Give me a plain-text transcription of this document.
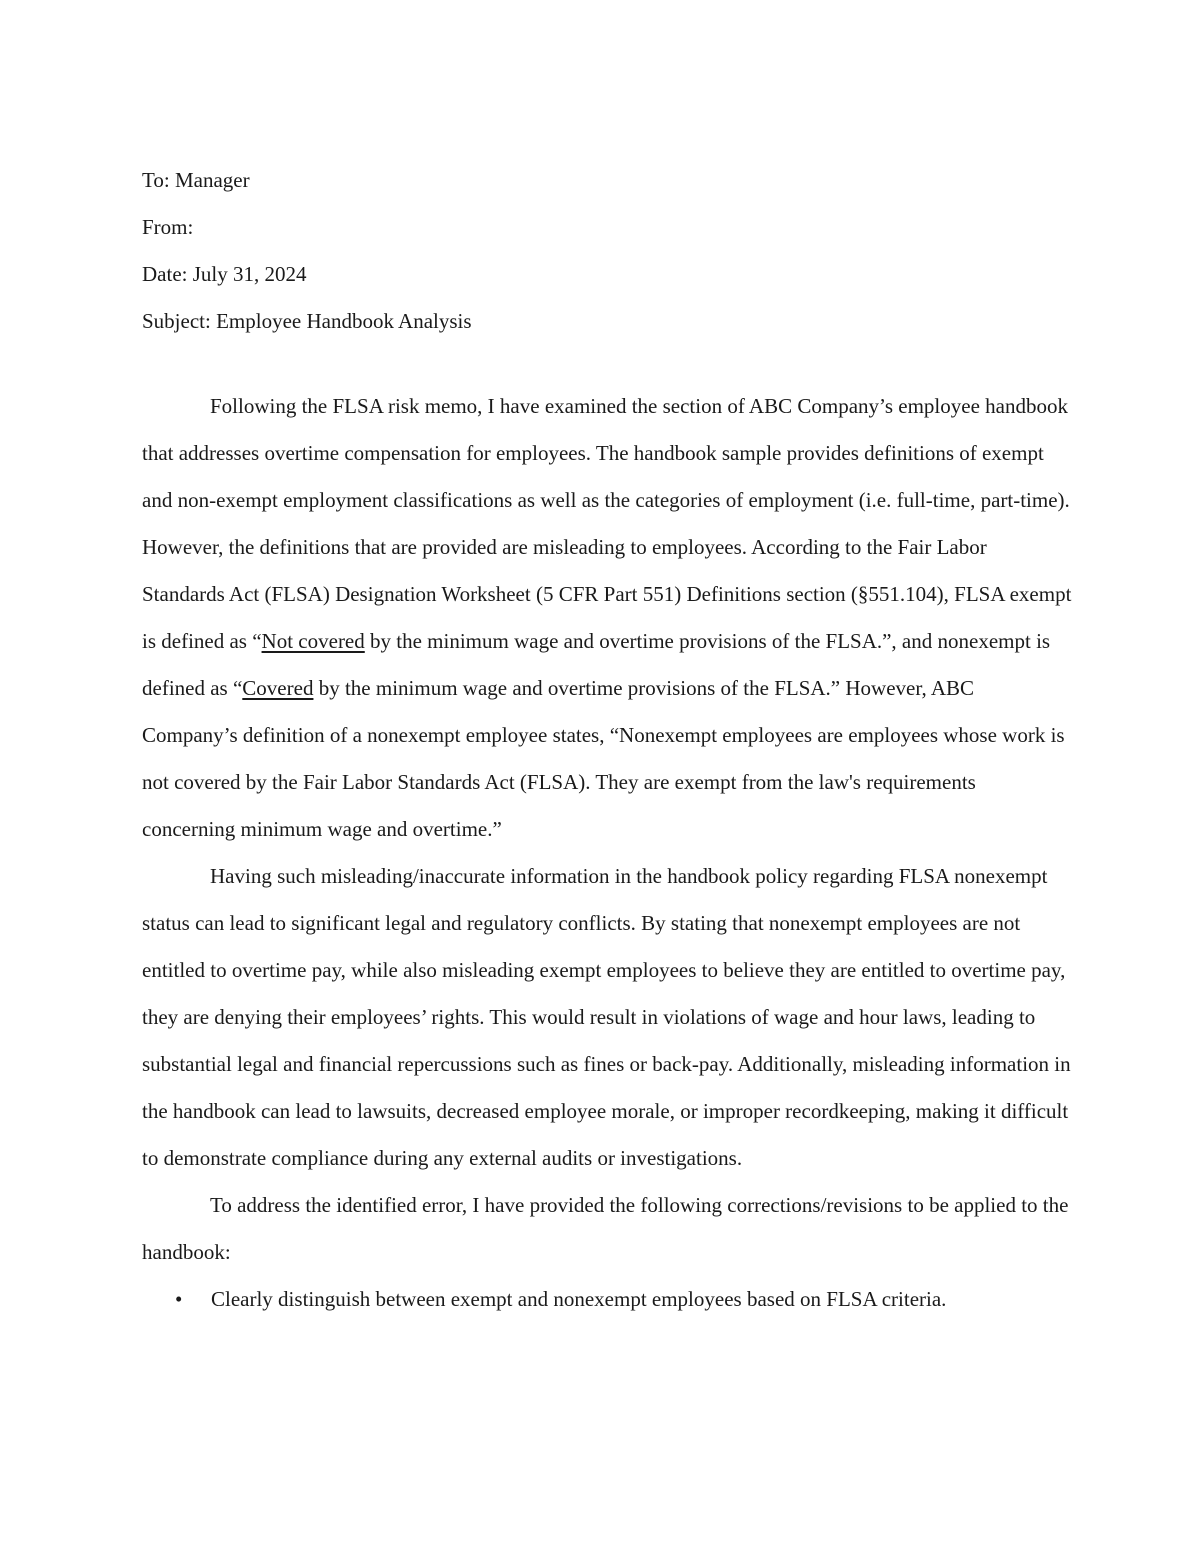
To: Manager

From:

Date: July 31, 2024

Subject: Employee Handbook Analysis

Following the FLSA risk memo, I have examined the section of ABC Company’s employee handbook that addresses overtime compensation for employees. The handbook sample provides definitions of exempt and non-exempt employment classifications as well as the categories of employment (i.e. full-time, part-time). However, the definitions that are provided are misleading to employees. According to the Fair Labor Standards Act (FLSA) Designation Worksheet (5 CFR Part 551) Definitions section (§551.104), FLSA exempt is defined as “Not covered by the minimum wage and overtime provisions of the FLSA.”, and nonexempt is defined as “Covered by the minimum wage and overtime provisions of the FLSA.” However, ABC Company’s definition of a nonexempt employee states, “Nonexempt employees are employees whose work is not covered by the Fair Labor Standards Act (FLSA). They are exempt from the law's requirements concerning minimum wage and overtime.”

Having such misleading/inaccurate information in the handbook policy regarding FLSA nonexempt status can lead to significant legal and regulatory conflicts. By stating that nonexempt employees are not entitled to overtime pay, while also misleading exempt employees to believe they are entitled to overtime pay, they are denying their employees’ rights. This would result in violations of wage and hour laws, leading to substantial legal and financial repercussions such as fines or back-pay. Additionally, misleading information in the handbook can lead to lawsuits, decreased employee morale, or improper recordkeeping, making it difficult to demonstrate compliance during any external audits or investigations.

To address the identified error, I have provided the following corrections/revisions to be applied to the handbook:

• Clearly distinguish between exempt and nonexempt employees based on FLSA criteria.
